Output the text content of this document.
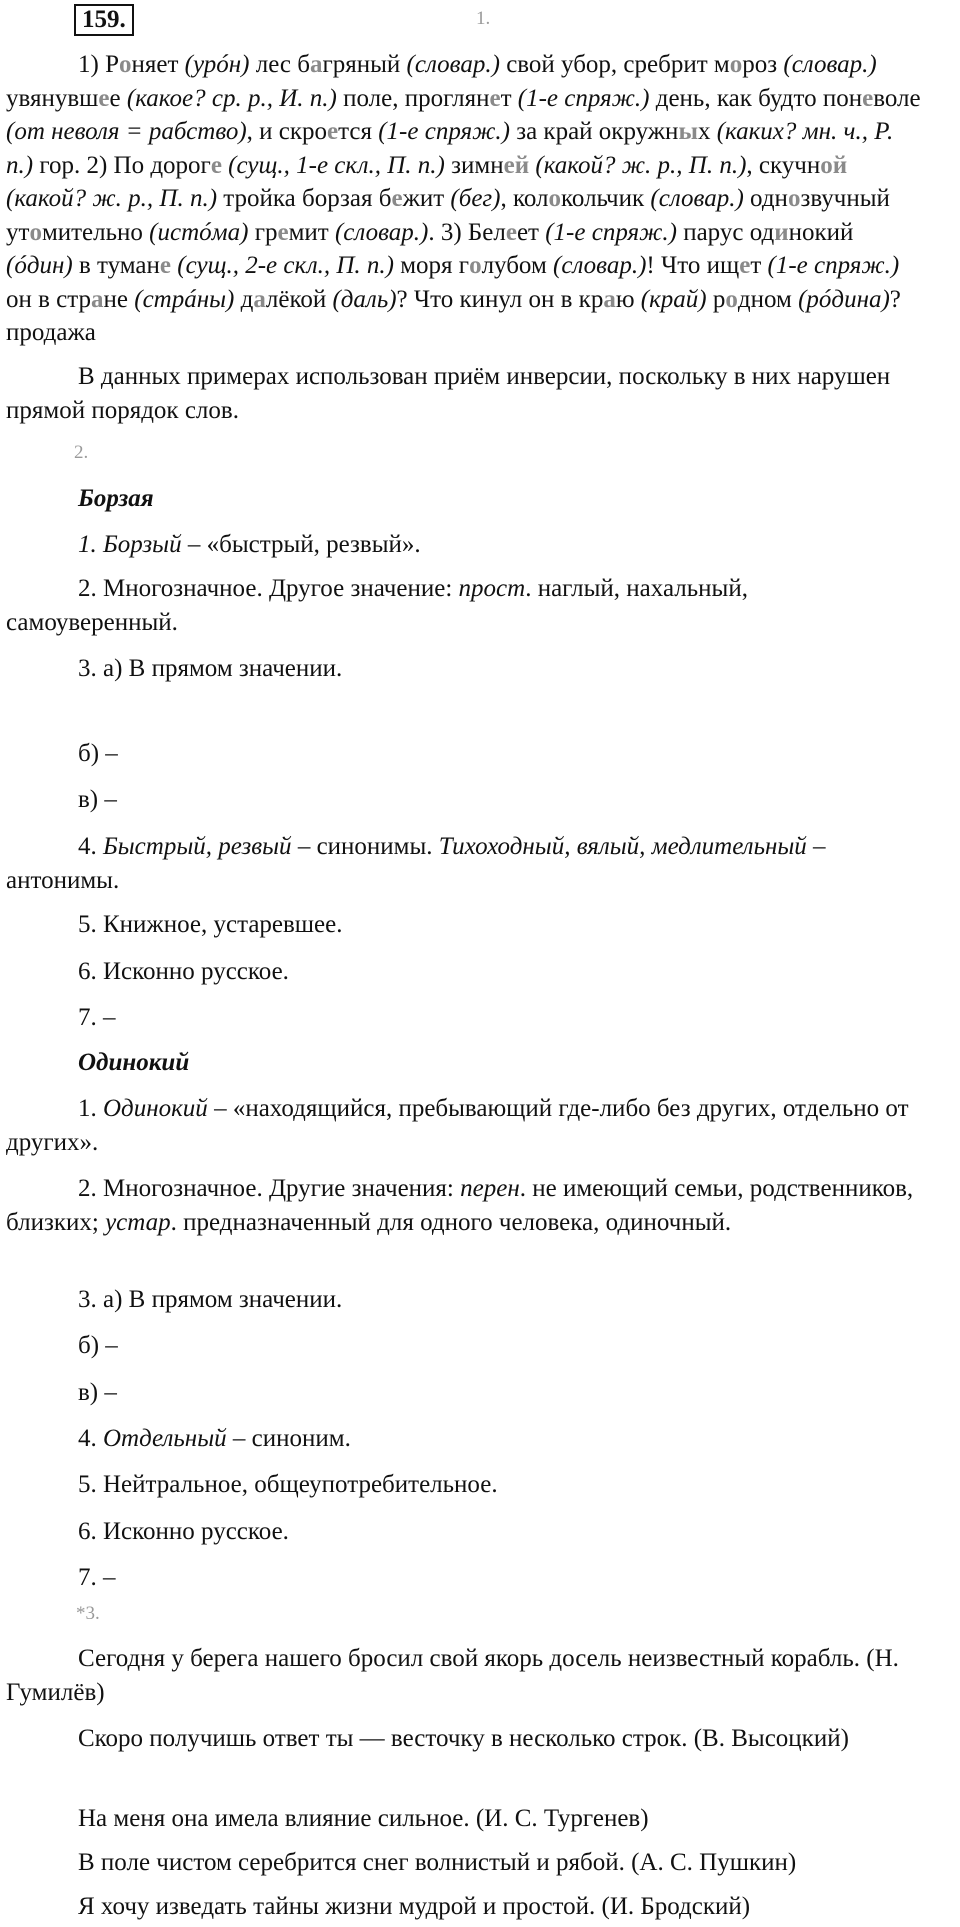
159.	1.
1) Роняет (урóн) лес багряный (словар.) свой убор, сребрит мороз (словар.) увянувшее (какое? ср. р., И. п.) поле, проглянет (1-е спряж.) день, как будто поневоле (от неволя = рабство), и скроется (1-е спряж.) за край окружных (каких? мн. ч., Р. п.) гор. 2) По дороге (сущ., 1-е скл., П. п.) зимней (какой? ж. р., П. п.), скучной (какой? ж. р., П. п.) тройка борзая бежит (бег), колокольчик (словар.) однозвучный утомительно (истóма) гремит (словар.). 3) Белеет (1-е спряж.) парус одинокий (óдин) в тумане (сущ., 2-е скл., П. п.) моря голубом (словар.)! Что ищет (1-е спряж.) он в стране (стрáны) далёкой (даль)? Что кинул он в краю (край) родном (рóдина)? продажа
В данных примерах использован приём инверсии, поскольку в них нарушен прямой порядок слов.
2.
Борзая
1. Борзый – «быстрый, резвый».
2. Многозначное. Другое значение: прост. наглый, нахальный, самоуверенный.
3. а) В прямом значении.
б) –
в) –
4. Быстрый, резвый – синонимы. Тихоходный, вялый, медлительный – антонимы.
5. Книжное, устаревшее.
6. Исконно русское.
7. –
Одинокий
1. Одинокий – «находящийся, пребывающий где-либо без других, отдельно от других».
2. Многозначное. Другие значения: перен. не имеющий семьи, родственников, близких; устар. предназначенный для одного человека, одиночный.
3. а) В прямом значении.
б) –
в) –
4. Отдельный – синоним.
5. Нейтральное, общеупотребительное.
6. Исконно русское.
7. –
*3.
Сегодня у берега нашего бросил свой якорь досель неизвестный корабль. (Н. Гумилёв)
Скоро получишь ответ ты — весточку в несколько строк. (В. Высоцкий)
На меня она имела влияние сильное. (И. С. Тургенев)
В поле чистом серебрится снег волнистый и рябой. (А. С. Пушкин)
Я хочу изведать тайны жизни мудрой и простой. (И. Бродский)
